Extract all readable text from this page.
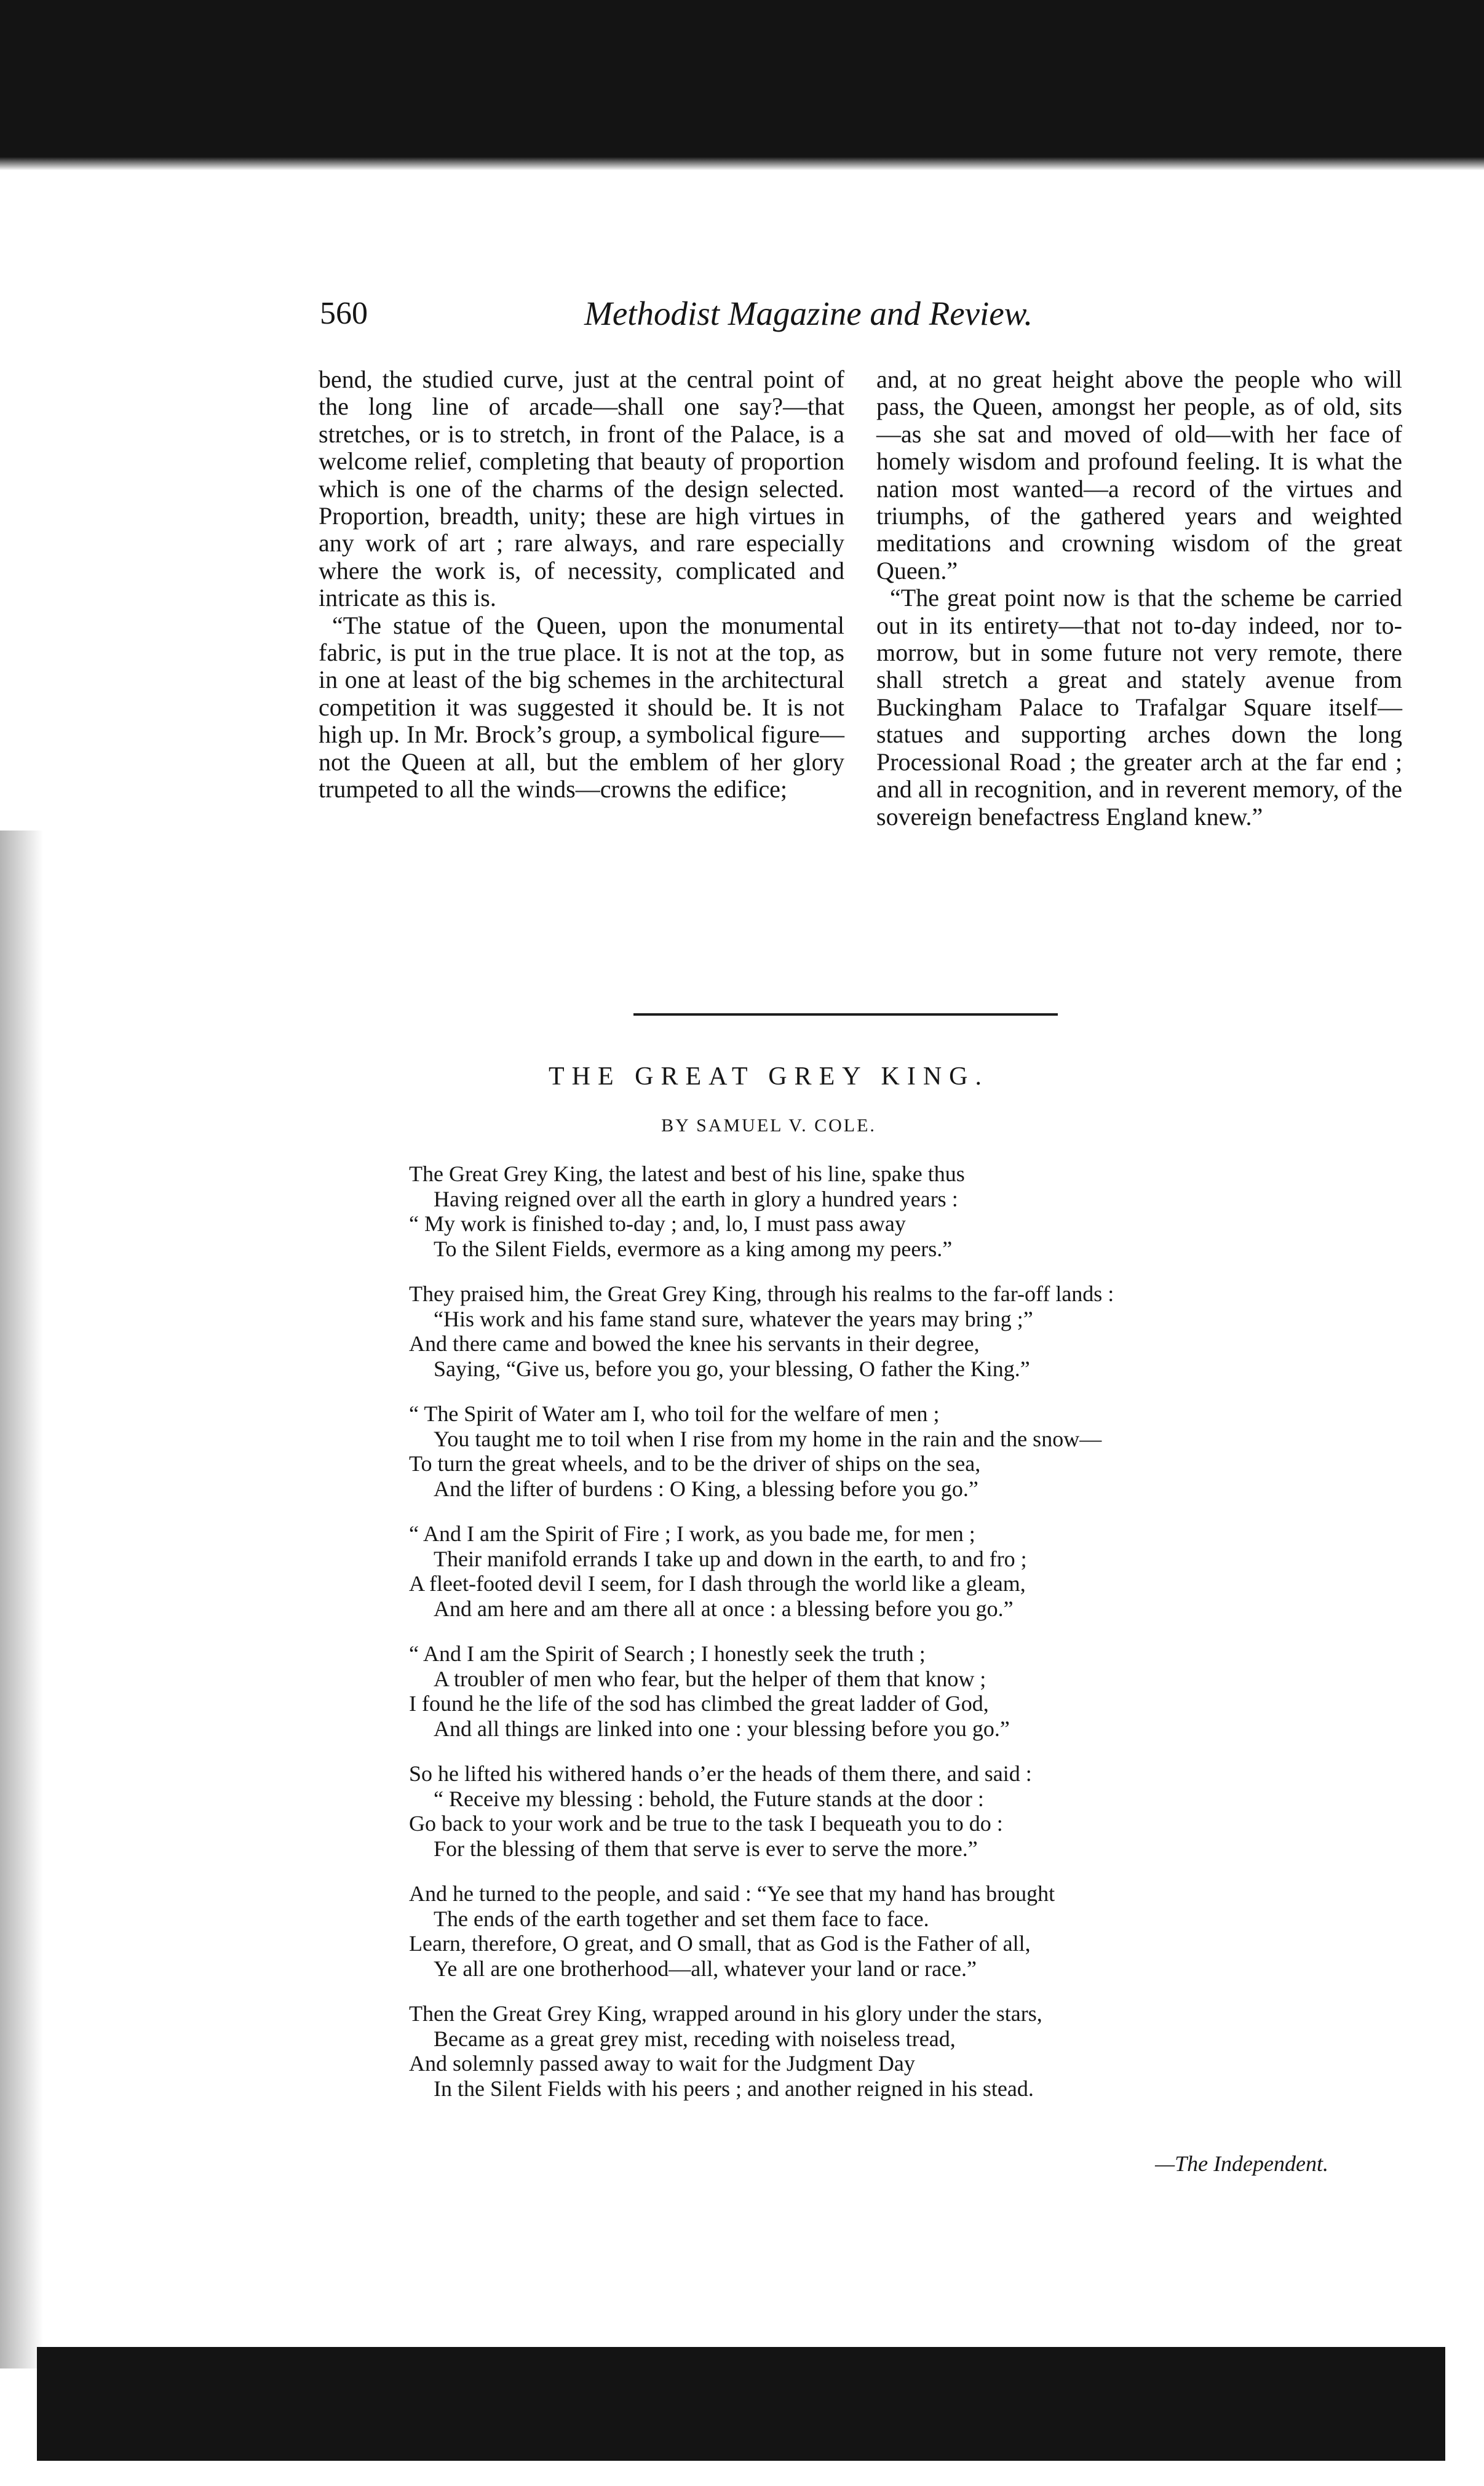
560	Methodist Magazine and Review.

bend, the studied curve, just at the central point of the long line of arcade—shall one say?—that stretches, or is to stretch, in front of the Palace, is a welcome relief, completing that beauty of proportion which is one of the charms of the design selected. Proportion, breadth, unity; these are high virtues in any work of art ; rare always, and rare especially where the work is, of necessity, complicated and intricate as this is.

“The statue of the Queen, upon the monumental fabric, is put in the true place. It is not at the top, as in one at least of the big schemes in the architectural competition it was suggested it should be. It is not high up. In Mr. Brock’s group, a symbolical figure—not the Queen at all, but the emblem of her glory trumpeted to all the winds—crowns the edifice;

and, at no great height above the people who will pass, the Queen, amongst her people, as of old, sits—as she sat and moved of old—with her face of homely wisdom and profound feeling. It is what the nation most wanted—a record of the virtues and triumphs, of the gathered years and weighted meditations and crowning wisdom of the great Queen.”

“The great point now is that the scheme be carried out in its entirety—that not to-day indeed, nor to-morrow, but in some future not very remote, there shall stretch a great and stately avenue from Buckingham Palace to Trafalgar Square itself—statues and supporting arches down the long Processional Road ; the greater arch at the far end ; and all in recognition, and in reverent memory, of the sovereign benefactress England knew.”

THE GREAT GREY KING.
BY SAMUEL V. COLE.
The Great Grey King, the latest and best of his line, spake thus
Having reigned over all the earth in glory a hundred years :
“ My work is finished to-day ; and, lo, I must pass away
To the Silent Fields, evermore as a king among my peers.”
They praised him, the Great Grey King, through his realms to the far-off lands :
“His work and his fame stand sure, whatever the years may bring ;”
And there came and bowed the knee his servants in their degree,
Saying, “Give us, before you go, your blessing, O father the King.”
“ The Spirit of Water am I, who toil for the welfare of men ;
You taught me to toil when I rise from my home in the rain and the snow—
To turn the great wheels, and to be the driver of ships on the sea,
And the lifter of burdens : O King, a blessing before you go.”
“ And I am the Spirit of Fire ; I work, as you bade me, for men ;
Their manifold errands I take up and down in the earth, to and fro ;
A fleet-footed devil I seem, for I dash through the world like a gleam,
And am here and am there all at once : a blessing before you go.”
“ And I am the Spirit of Search ; I honestly seek the truth ;
A troubler of men who fear, but the helper of them that know ;
I found he the life of the sod has climbed the great ladder of God,
And all things are linked into one : your blessing before you go.”
So he lifted his withered hands o’er the heads of them there, and said :
“ Receive my blessing : behold, the Future stands at the door :
Go back to your work and be true to the task I bequeath you to do :
For the blessing of them that serve is ever to serve the more.”
And he turned to the people, and said : “Ye see that my hand has brought
The ends of the earth together and set them face to face.
Learn, therefore, O great, and O small, that as God is the Father of all,
Ye all are one brotherhood—all, whatever your land or race.”
Then the Great Grey King, wrapped around in his glory under the stars,
Became as a great grey mist, receding with noiseless tread,
And solemnly passed away to wait for the Judgment Day
In the Silent Fields with his peers ; and another reigned in his stead.
—The Independent.
